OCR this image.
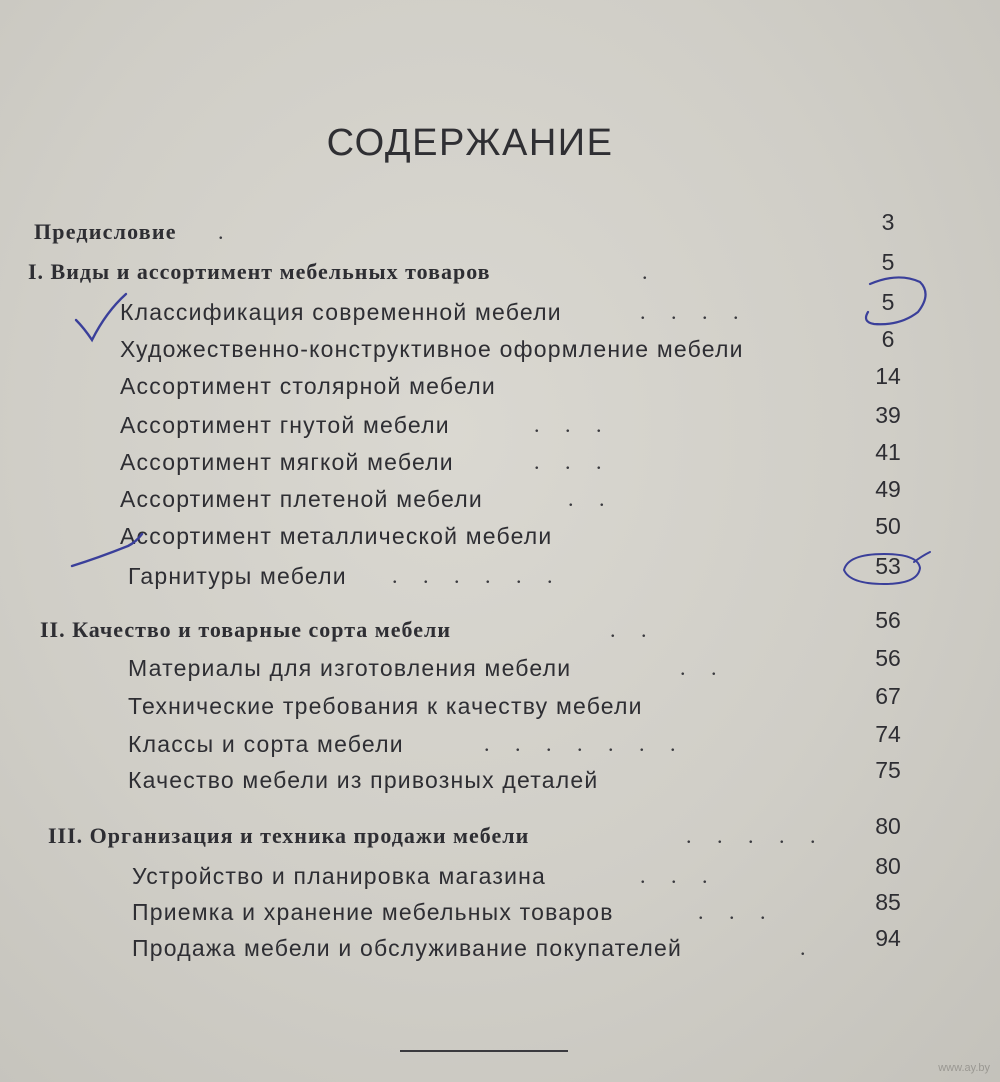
СОДЕРЖАНИЕ
Предисловие .	3
I. Виды и ассортимент мебельных товаров	.	5
Классификация современной мебели	. . . .	5
Художественно-конструктивное оформление мебели	6
Ассортимент столярной мебели	14
Ассортимент гнутой мебели	. . .	39
Ассортимент мягкой мебели	. . .	41
Ассортимент плетеной мебели	. .	49
Ассортимент металлической мебели	50
Гарнитуры мебели . . . . . .	53
II. Качество и товарные сорта мебели	. .	56
Материалы для изготовления мебели	. .	56
Технические требования к качеству мебели	67
Классы и сорта мебели	. . . . . . .	74
Качество мебели из привозных деталей	75
III. Организация и техника продажи мебели	. . . . .	80
Устройство и планировка магазина	. . .	80
Приемка и хранение мебельных товаров	. . .	85
Продажа мебели и обслуживание покупателей	.	94
www.ay.by
